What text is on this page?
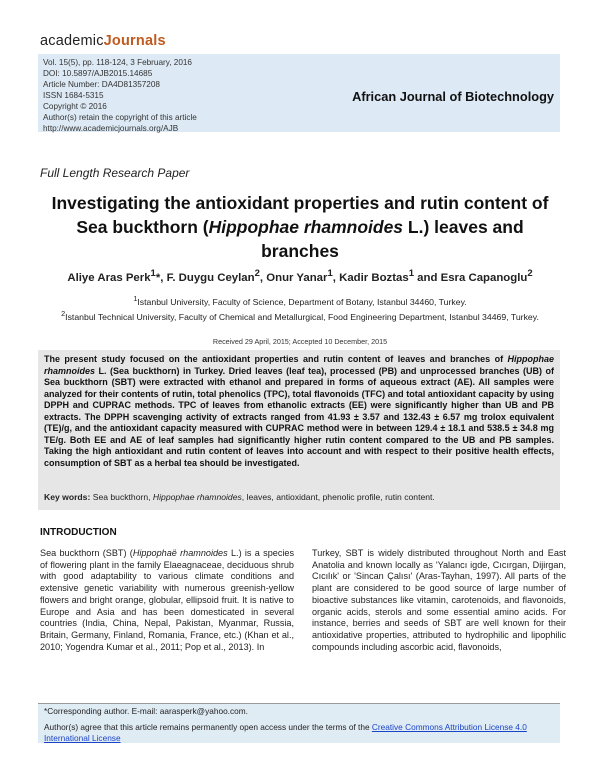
academicJournals
Vol. 15(5), pp. 118-124, 3 February, 2016
DOI: 10.5897/AJB2015.14685
Article Number: DA4D81357208
ISSN 1684-5315
Copyright © 2016
Author(s) retain the copyright of this article
http://www.academicjournals.org/AJB
African Journal of Biotechnology
Full Length Research Paper
Investigating the antioxidant properties and rutin content of Sea buckthorn (Hippophae rhamnoides L.) leaves and branches
Aliye Aras Perk$^1$*, F. Duygu Ceylan$^2$, Onur Yanar$^1$, Kadir Boztas$^1$ and Esra Capanoglu$^2$
$^1$Istanbul University, Faculty of Science, Department of Botany, Istanbul 34460, Turkey.
$^2$Istanbul Technical University, Faculty of Chemical and Metallurgical, Food Engineering Department, Istanbul 34469, Turkey.
Received 29 April, 2015; Accepted 10 December, 2015
The present study focused on the antioxidant properties and rutin content of leaves and branches of Hippophae rhamnoides L. (Sea buckthorn) in Turkey. Dried leaves (leaf tea), processed (PB) and unprocessed branches (UB) of Sea buckthorn (SBT) were extracted with ethanol and prepared in forms of aqueous extract (AE). All samples were analyzed for their contents of rutin, total phenolics (TPC), total flavonoids (TFC) and total antioxidant capacity by using DPPH and CUPRAC methods. TPC of leaves from ethanolic extracts (EE) were significantly higher than UB and PB extracts. The DPPH scavenging activity of extracts ranged from 41.93 ± 3.57 and 132.43 ± 6.57 mg trolox equivalent (TE)/g, and the antioxidant capacity measured with CUPRAC method were in between 129.4 ± 18.1 and 538.5 ± 34.8 mg TE/g. Both EE and AE of leaf samples had significantly higher rutin content compared to the UB and PB samples. Taking the high antioxidant and rutin content of leaves into account and with respect to their positive health effects, consumption of SBT as a herbal tea should be investigated.
Key words: Sea buckthorn, Hippophae rhamnoides, leaves, antioxidant, phenolic profile, rutin content.
INTRODUCTION
Sea buckthorn (SBT) (Hippophaë rhamnoides L.) is a species of flowering plant in the family Elaeagnaceae, deciduous shrub with good adaptability to various climate conditions and extensive genetic variability with numerous greenish-yellow flowers and bright orange, globular, ellipsoid fruit. It is native to Europe and Asia and has been domesticated in several countries (India, China, Nepal, Pakistan, Myanmar, Russia, Britain, Germany, Finland, Romania, France, etc.) (Khan et al., 2010; Yogendra Kumar et al., 2011; Pop et al., 2013). In
Turkey, SBT is widely distributed throughout North and East Anatolia and known locally as 'Yalancı igde, Cıcırgan, Dijirgan, Cıcılık' or 'Sincan Çalısı' (Aras-Tayhan, 1997). All parts of the plant are considered to be good source of large number of bioactive substances like vitamin, carotenoids, and flavonoids, organic acids, sterols and some essential amino acids. For instance, berries and seeds of SBT are well known for their antioxidative properties, attributed to hydrophilic and lipophilic compounds including ascorbic acid, flavonoids,
*Corresponding author. E-mail: aarasperk@yahoo.com.
Author(s) agree that this article remains permanently open access under the terms of the Creative Commons Attribution License 4.0 International License
